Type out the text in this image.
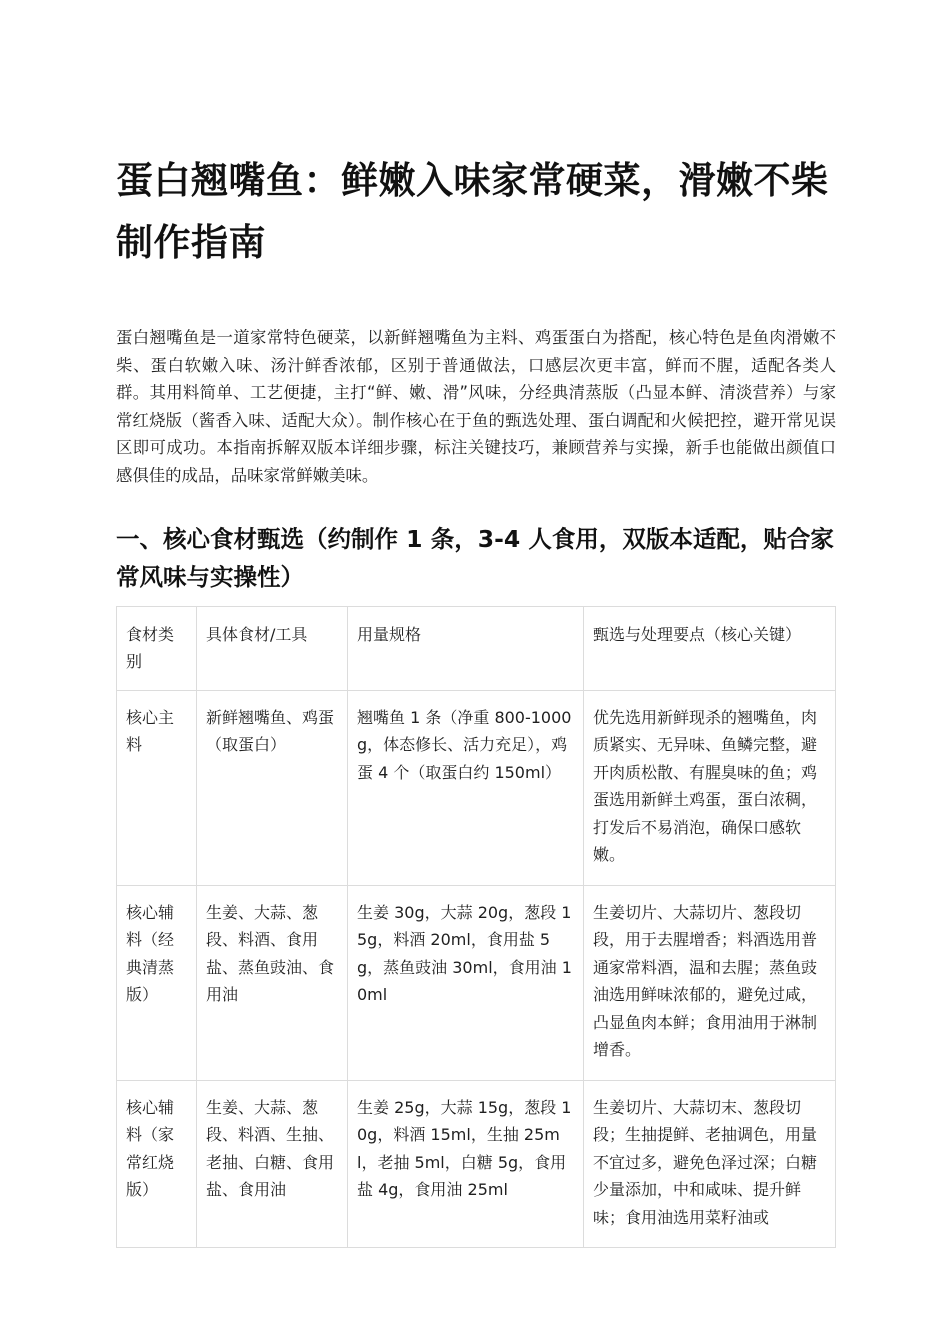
蛋白翘嘴鱼：鲜嫩入味家常硬菜，滑嫩不柴制作指南

蛋白翘嘴鱼是一道家常特色硬菜，以新鲜翘嘴鱼为主料、鸡蛋蛋白为搭配，核心特色是鱼肉滑嫩不柴、蛋白软嫩入味、汤汁鲜香浓郁，区别于普通做法，口感层次更丰富，鲜而不腥，适配各类人群。其用料简单、工艺便捷，主打“鲜、嫩、滑”风味，分经典清蒸版（凸显本鲜、清淡营养）与家常红烧版（酱香入味、适配大众）。制作核心在于鱼的甄选处理、蛋白调配和火候把控，避开常见误区即可成功。本指南拆解双版本详细步骤，标注关键技巧，兼顾营养与实操，新手也能做出颜值口感俱佳的成品，品味家常鲜嫩美味。

一、核心食材甄选（约制作 1 条，3-4 人食用，双版本适配，贴合家常风味与实操性）
食材类别	具体食材/工具	用量规格	甄选与处理要点（核心关键）
核心主料	新鲜翘嘴鱼、鸡蛋（取蛋白）	翘嘴鱼 1 条（净重 800-1000g，体态修长、活力充足），鸡蛋 4 个（取蛋白约 150ml）	优先选用新鲜现杀的翘嘴鱼，肉质紧实、无异味、鱼鳞完整，避开肉质松散、有腥臭味的鱼；鸡蛋选用新鲜土鸡蛋，蛋白浓稠，打发后不易消泡，确保口感软嫩。
核心辅料（经典清蒸版）	生姜、大蒜、葱段、料酒、食用盐、蒸鱼豉油、食用油	生姜 30g，大蒜 20g，葱段 15g，料酒 20ml，食用盐 5g，蒸鱼豉油 30ml，食用油 10ml	生姜切片、大蒜切片、葱段切段，用于去腥增香；料酒选用普通家常料酒，温和去腥；蒸鱼豉油选用鲜味浓郁的，避免过咸，凸显鱼肉本鲜；食用油用于淋制增香。
核心辅料（家常红烧版）	生姜、大蒜、葱段、料酒、生抽、老抽、白糖、食用盐、食用油	生姜 25g，大蒜 15g，葱段 10g，料酒 15ml，生抽 25ml，老抽 5ml，白糖 5g，食用盐 4g，食用油 25ml	生姜切片、大蒜切末、葱段切段；生抽提鲜、老抽调色，用量不宜过多，避免色泽过深；白糖少量添加，中和咸味、提升鲜味；食用油选用菜籽油或
